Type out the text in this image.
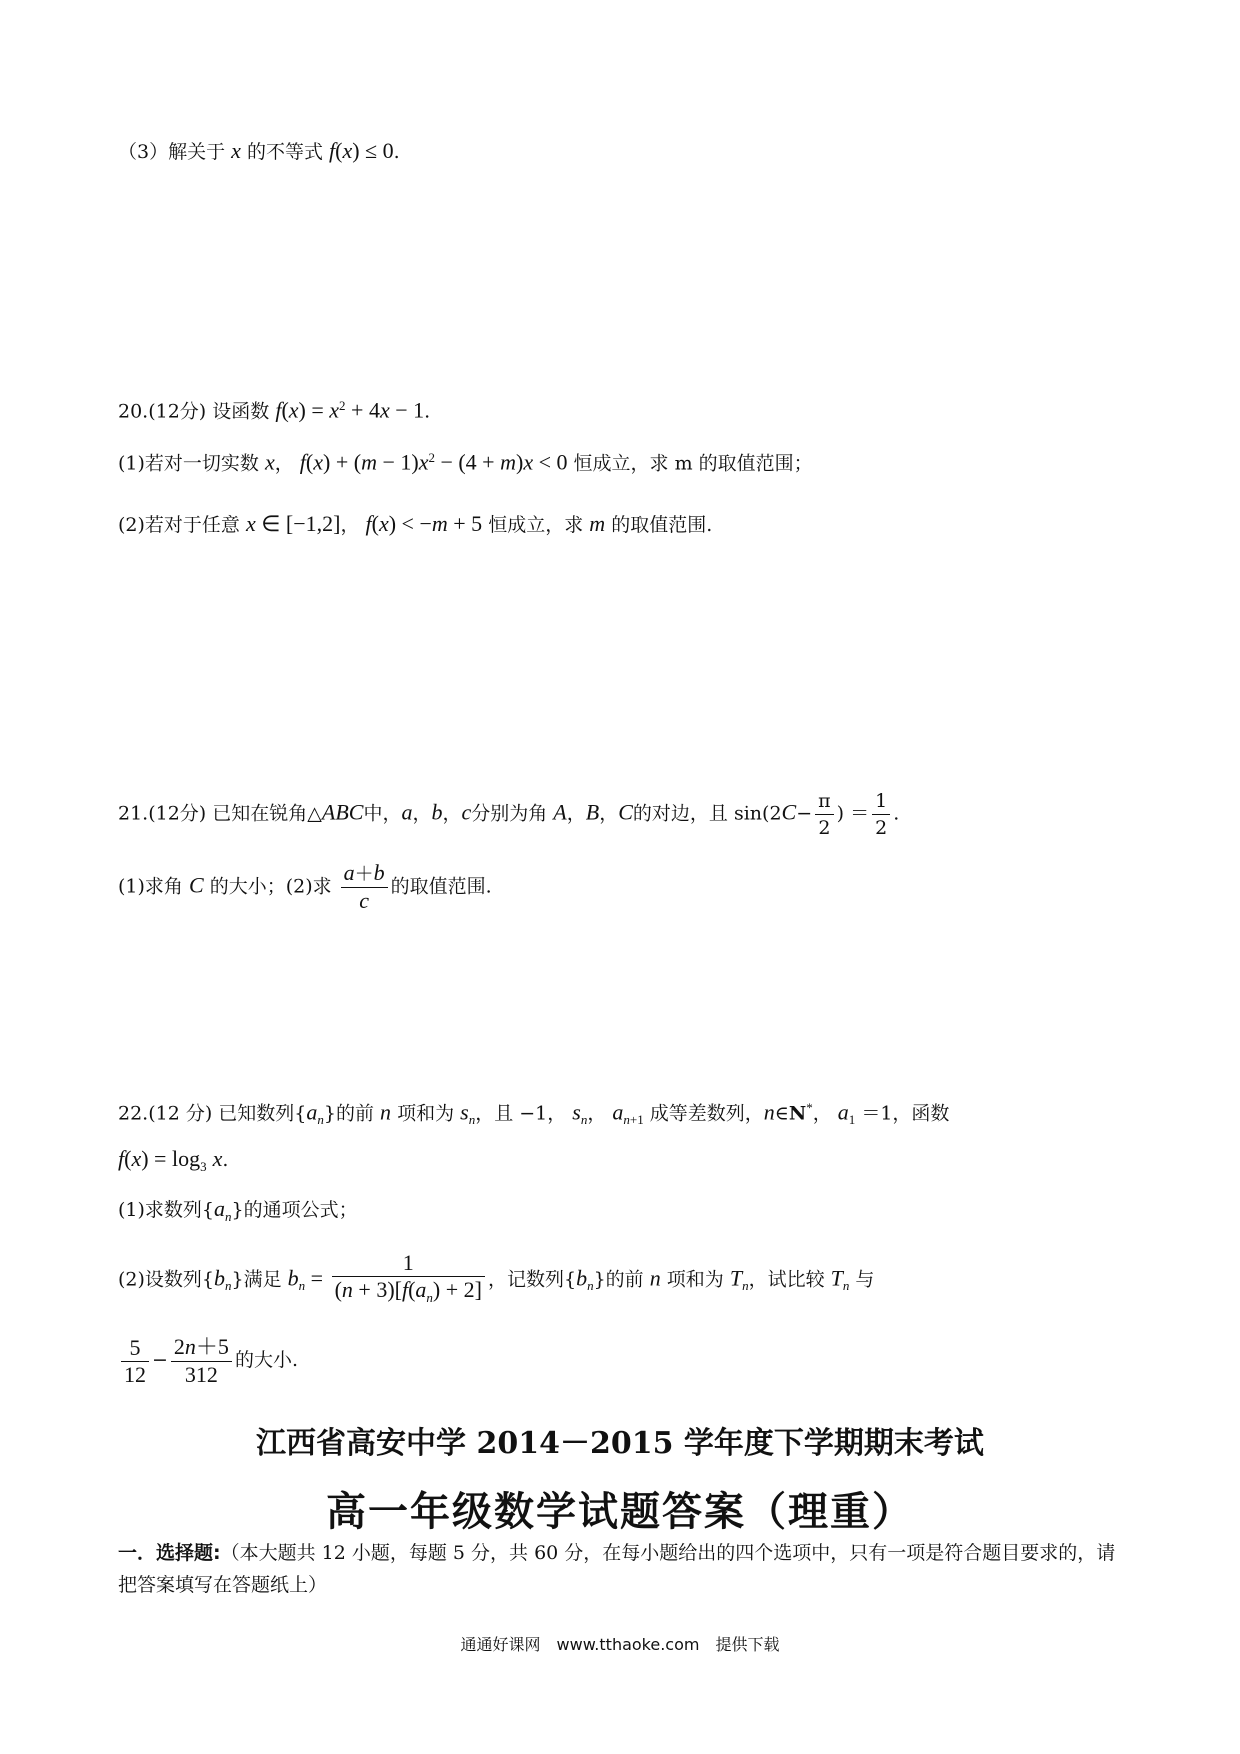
（3）解关于 x 的不等式 f(x) ≤ 0.
20.(12分) 设函数 $f(x) = x^2 + 4x - 1$.
(1)若对一切实数 x， $f(x) + (m - 1)x^2 - (4 + m)x < 0$ 恒成立，求 m 的取值范围；
(2)若对于任意 x ∈ [−1,2]， f(x) < −m + 5 恒成立，求 m 的取值范围.
21.(12分) 已知在锐角△ABC中，a，b，c分别为角 A，B，C的对边，且 $\sin(2C- \frac{\pi}{2}$ ) ＝ $\frac{1}{2}$ .
(1)求角 C 的大小；(2)求 $\frac{a+b}{c}$ 的取值范围.
22.(12 分) 已知数列$\{a_n\}$的前 n 项和为 $s_n$，且 −1， $s_n$， $a_{n+1}$ 成等差数列，n∈N*， $a_1 =1$，函数
$f(x) = \log_3 x$.
(1)求数列$\{a_n\}$的通项公式；
(2)设数列$\{b_n\}$满足 $b_n = \frac{1}{(n + 3)[f(a_n) + 2]}$ ，记数列$\{b_n\}$的前 n 项和为 $T_n$，试比较 $T_n$ 与
$\frac{5}{12} - \frac{2n+5}{312}$ 的大小.
江西省高安中学 2014－2015 学年度下学期期末考试
高一年级数学试题答案（理重）
一．选择题:（本大题共 12 小题，每题 5 分，共 60 分，在每小题给出的四个选项中，只有一项是符合题目要求的，请把答案填写在答题纸上）
通通好课网　www.tthaoke.com　提供下载
